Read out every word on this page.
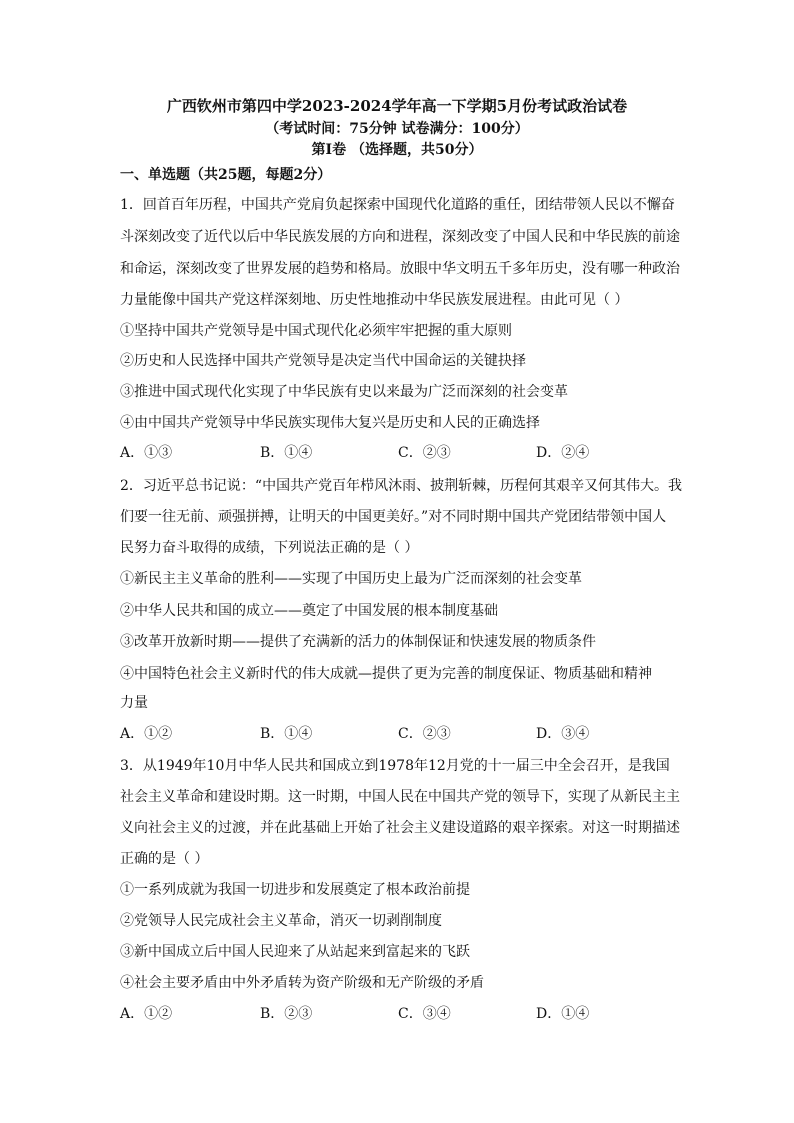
广西钦州市第四中学2023-2024学年高一下学期5月份考试政治试卷
（考试时间：75分钟 试卷满分：100分）
第I卷 （选择题，共50分）
一、单选题（共25题，每题2分）
1．回首百年历程，中国共产党肩负起探索中国现代化道路的重任，团结带领人民以不懈奋
斗深刻改变了近代以后中华民族发展的方向和进程，深刻改变了中国人民和中华民族的前途
和命运，深刻改变了世界发展的趋势和格局。放眼中华文明五千多年历史，没有哪一种政治
力量能像中国共产党这样深刻地、历史性地推动中华民族发展进程。由此可见（ ）
①坚持中国共产党领导是中国式现代化必须牢牢把握的重大原则
②历史和人民选择中国共产党领导是决定当代中国命运的关键抉择
③推进中国式现代化实现了中华民族有史以来最为广泛而深刻的社会变革
④由中国共产党领导中华民族实现伟大复兴是历史和人民的正确选择
A．①③	B．①④	C．②③	D．②④
2．习近平总书记说：“中国共产党百年栉风沐雨、披荆斩棘，历程何其艰辛又何其伟大。我
们要一往无前、顽强拼搏，让明天的中国更美好。”对不同时期中国共产党团结带领中国人
民努力奋斗取得的成绩，下列说法正确的是（ ）
①新民主主义革命的胜利——实现了中国历史上最为广泛而深刻的社会变革
②中华人民共和国的成立——奠定了中国发展的根本制度基础
③改革开放新时期——提供了充满新的活力的体制保证和快速发展的物质条件
④中国特色社会主义新时代的伟大成就—提供了更为完善的制度保证、物质基础和精神
力量
A．①②	B．①④	C．②③	D．③④
3．从1949年10月中华人民共和国成立到1978年12月党的十一届三中全会召开，是我国
社会主义革命和建设时期。这一时期，中国人民在中国共产党的领导下，实现了从新民主主
义向社会主义的过渡，并在此基础上开始了社会主义建设道路的艰辛探索。对这一时期描述
正确的是（ ）
①一系列成就为我国一切进步和发展奠定了根本政治前提
②党领导人民完成社会主义革命，消灭一切剥削制度
③新中国成立后中国人民迎来了从站起来到富起来的飞跃
④社会主要矛盾由中外矛盾转为资产阶级和无产阶级的矛盾
A．①②	B．②③	C．③④	D．①④
